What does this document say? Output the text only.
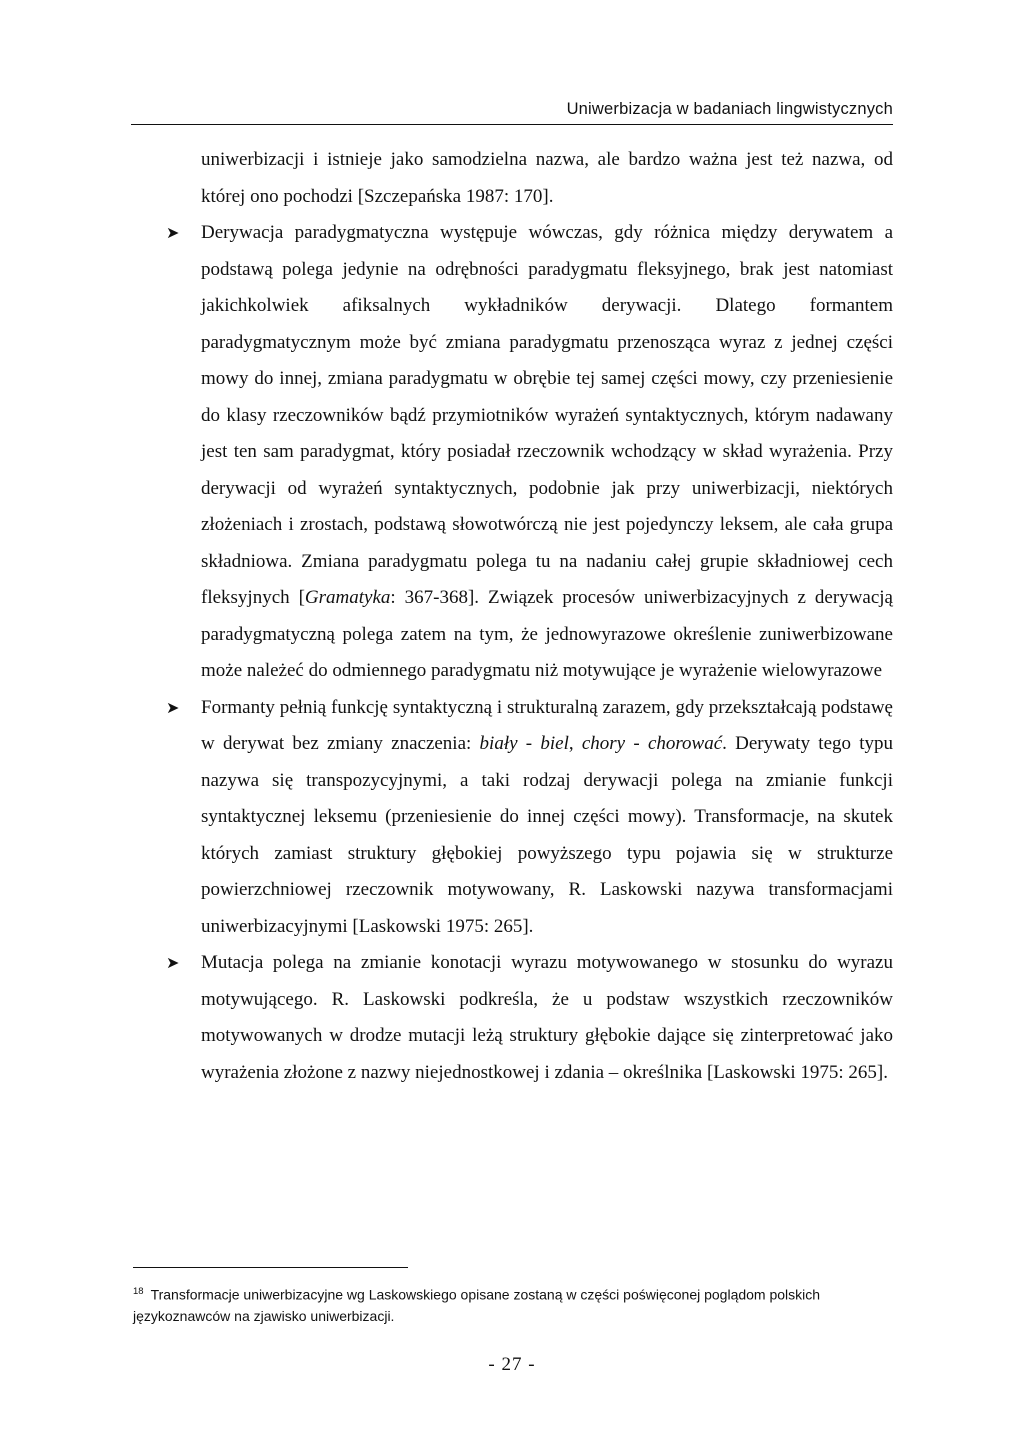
Uniwerbizacja w badaniach lingwistycznych

uniwerbizacji i istnieje jako samodzielna nazwa, ale bardzo ważna jest też nazwa, od której ono pochodzi [Szczepańska 1987: 170].

➤ Derywacja paradygmatyczna występuje wówczas, gdy różnica między derywatem a podstawą polega jedynie na odrębności paradygmatu fleksyjnego, brak jest natomiast jakichkolwiek afiksalnych wykładników derywacji. Dlatego formantem paradygmatycznym może być zmiana paradygmatu przenosząca wyraz z jednej części mowy do innej, zmiana paradygmatu w obrębie tej samej części mowy, czy przeniesienie do klasy rzeczowników bądź przymiotników wyrażeń syntaktycznych, którym nadawany jest ten sam paradygmat, który posiadał rzeczownik wchodzący w skład wyrażenia. Przy derywacji od wyrażeń syntaktycznych, podobnie jak przy uniwerbizacji, niektórych złożeniach i zrostach, podstawą słowotwórczą nie jest pojedynczy leksem, ale cała grupa składniowa. Zmiana paradygmatu polega tu na nadaniu całej grupie składniowej cech fleksyjnych [Gramatyka: 367-368]. Związek procesów uniwerbizacyjnych z derywacją paradygmatyczną polega zatem na tym, że jednowyrazowe określenie zuniwerbizowane może należeć do odmiennego paradygmatu niż motywujące je wyrażenie wielowyrazowe

➤ Formanty pełnią funkcję syntaktyczną i strukturalną zarazem, gdy przekształcają podstawę w derywat bez zmiany znaczenia: biały - biel, chory - chorować. Derywaty tego typu nazywa się transpozycyjnymi, a taki rodzaj derywacji polega na zmianie funkcji syntaktycznej leksemu (przeniesienie do innej części mowy). Transformacje, na skutek których zamiast struktury głębokiej powyższego typu pojawia się w strukturze powierzchniowej rzeczownik motywowany, R. Laskowski nazywa transformacjami uniwerbizacyjnymi [Laskowski 1975: 265].

➤ Mutacja polega na zmianie konotacji wyrazu motywowanego w stosunku do wyrazu motywującego. R. Laskowski podkreśla, że u podstaw wszystkich rzeczowników motywowanych w drodze mutacji leżą struktury głębokie dające się zinterpretować jako wyrażenia złożone z nazwy niejednostkowej i zdania – określnika [Laskowski 1975: 265].

$^{18}$ Transformacje uniwerbizacyjne wg Laskowskiego opisane zostaną w części poświęconej poglądom polskich językoznawców na zjawisko uniwerbizacji.
- 27 -
